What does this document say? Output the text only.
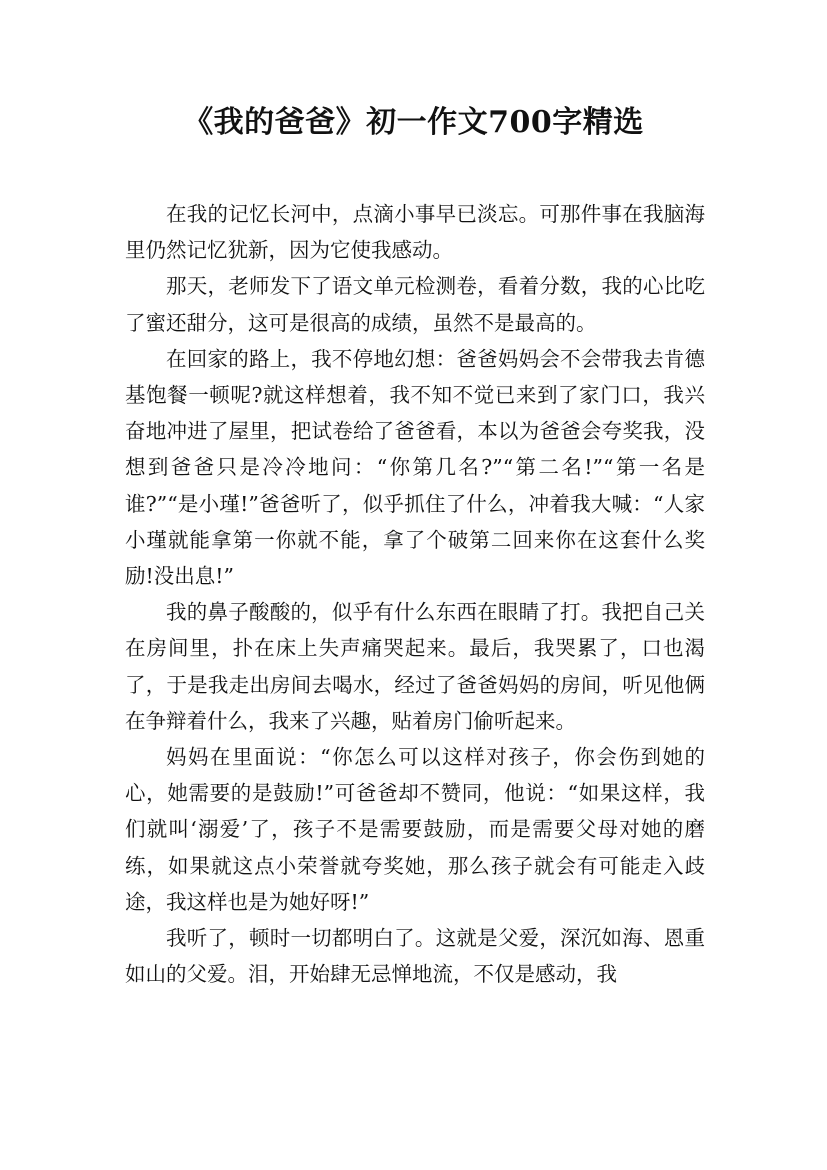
《我的爸爸》初一作文700字精选

在我的记忆长河中，点滴小事早已淡忘。可那件事在我脑海里仍然记忆犹新，因为它使我感动。

那天，老师发下了语文单元检测卷，看着分数，我的心比吃了蜜还甜分，这可是很高的成绩，虽然不是最高的。

在回家的路上，我不停地幻想：爸爸妈妈会不会带我去肯德基饱餐一顿呢?就这样想着，我不知不觉已来到了家门口，我兴奋地冲进了屋里，把试卷给了爸爸看，本以为爸爸会夸奖我，没想到爸爸只是冷冷地问：“你第几名?”“第二名!”“第一名是谁?”“是小瑾!”爸爸听了，似乎抓住了什么，冲着我大喊：“人家小瑾就能拿第一你就不能，拿了个破第二回来你在这套什么奖励!没出息!”

我的鼻子酸酸的，似乎有什么东西在眼睛了打。我把自己关在房间里，扑在床上失声痛哭起来。最后，我哭累了，口也渴了，于是我走出房间去喝水，经过了爸爸妈妈的房间，听见他俩在争辩着什么，我来了兴趣，贴着房门偷听起来。

妈妈在里面说：“你怎么可以这样对孩子，你会伤到她的心，她需要的是鼓励!”可爸爸却不赞同，他说：“如果这样，我们就叫‘溺爱’了，孩子不是需要鼓励，而是需要父母对她的磨练，如果就这点小荣誉就夸奖她，那么孩子就会有可能走入歧途，我这样也是为她好呀!”

我听了，顿时一切都明白了。这就是父爱，深沉如海、恩重如山的父爱。泪，开始肆无忌惮地流，不仅是感动，我
